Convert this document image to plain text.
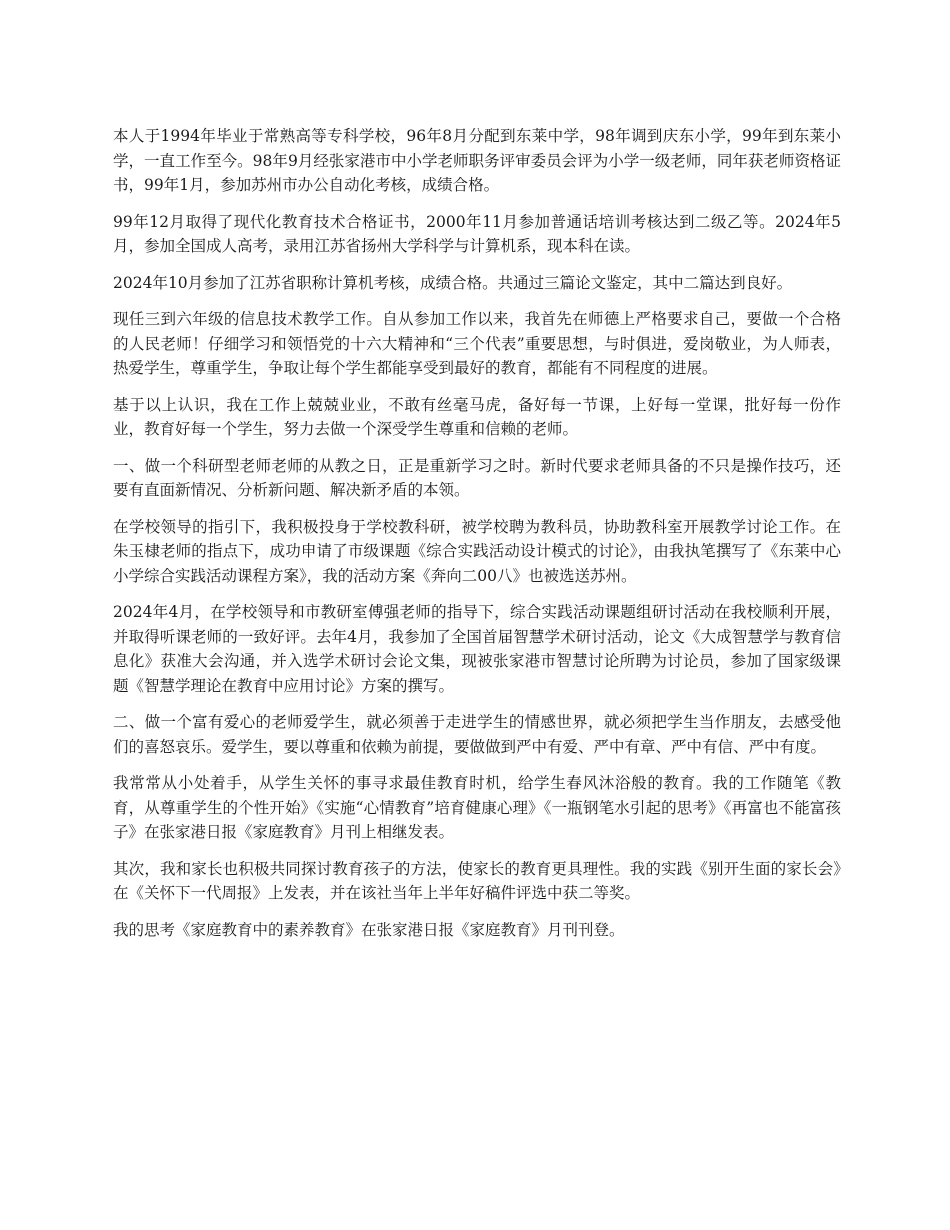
本人于1994年毕业于常熟高等专科学校，96年8月分配到东莱中学，98年调到庆东小学，99年到东莱小学，一直工作至今。98年9月经张家港市中小学老师职务评审委员会评为小学一级老师，同年获老师资格证书，99年1月，参加苏州市办公自动化考核，成绩合格。

99年12月取得了现代化教育技术合格证书，2000年11月参加普通话培训考核达到二级乙等。2024年5月，参加全国成人高考，录用江苏省扬州大学科学与计算机系，现本科在读。

2024年10月参加了江苏省职称计算机考核，成绩合格。共通过三篇论文鉴定，其中二篇达到良好。

现任三到六年级的信息技术教学工作。自从参加工作以来，我首先在师德上严格要求自己，要做一个合格的人民老师！仔细学习和领悟党的十六大精神和“三个代表”重要思想，与时俱进，爱岗敬业，为人师表，热爱学生，尊重学生，争取让每个学生都能享受到最好的教育，都能有不同程度的进展。

基于以上认识，我在工作上兢兢业业，不敢有丝毫马虎，备好每一节课，上好每一堂课，批好每一份作业，教育好每一个学生，努力去做一个深受学生尊重和信赖的老师。

一、做一个科研型老师老师的从教之日，正是重新学习之时。新时代要求老师具备的不只是操作技巧，还要有直面新情况、分析新问题、解决新矛盾的本领。

在学校领导的指引下，我积极投身于学校教科研，被学校聘为教科员，协助教科室开展教学讨论工作。在朱玉棣老师的指点下，成功申请了市级课题《综合实践活动设计模式的讨论》，由我执笔撰写了《东莱中心小学综合实践活动课程方案》，我的活动方案《奔向二00八》也被选送苏州。

2024年4月，在学校领导和市教研室傅强老师的指导下，综合实践活动课题组研讨活动在我校顺利开展，并取得听课老师的一致好评。去年4月，我参加了全国首届智慧学术研讨活动，论文《大成智慧学与教育信息化》获准大会沟通，并入选学术研讨会论文集，现被张家港市智慧讨论所聘为讨论员，参加了国家级课题《智慧学理论在教育中应用讨论》方案的撰写。

二、做一个富有爱心的老师爱学生，就必须善于走进学生的情感世界，就必须把学生当作朋友，去感受他们的喜怒哀乐。爱学生，要以尊重和依赖为前提，要做做到严中有爱、严中有章、严中有信、严中有度。

我常常从小处着手，从学生关怀的事寻求最佳教育时机，给学生春风沐浴般的教育。我的工作随笔《教育，从尊重学生的个性开始》《实施“心情教育”培育健康心理》《一瓶钢笔水引起的思考》《再富也不能富孩子》在张家港日报《家庭教育》月刊上相继发表。

其次，我和家长也积极共同探讨教育孩子的方法，使家长的教育更具理性。我的实践《别开生面的家长会》在《关怀下一代周报》上发表，并在该社当年上半年好稿件评选中获二等奖。

我的思考《家庭教育中的素养教育》在张家港日报《家庭教育》月刊刊登。
